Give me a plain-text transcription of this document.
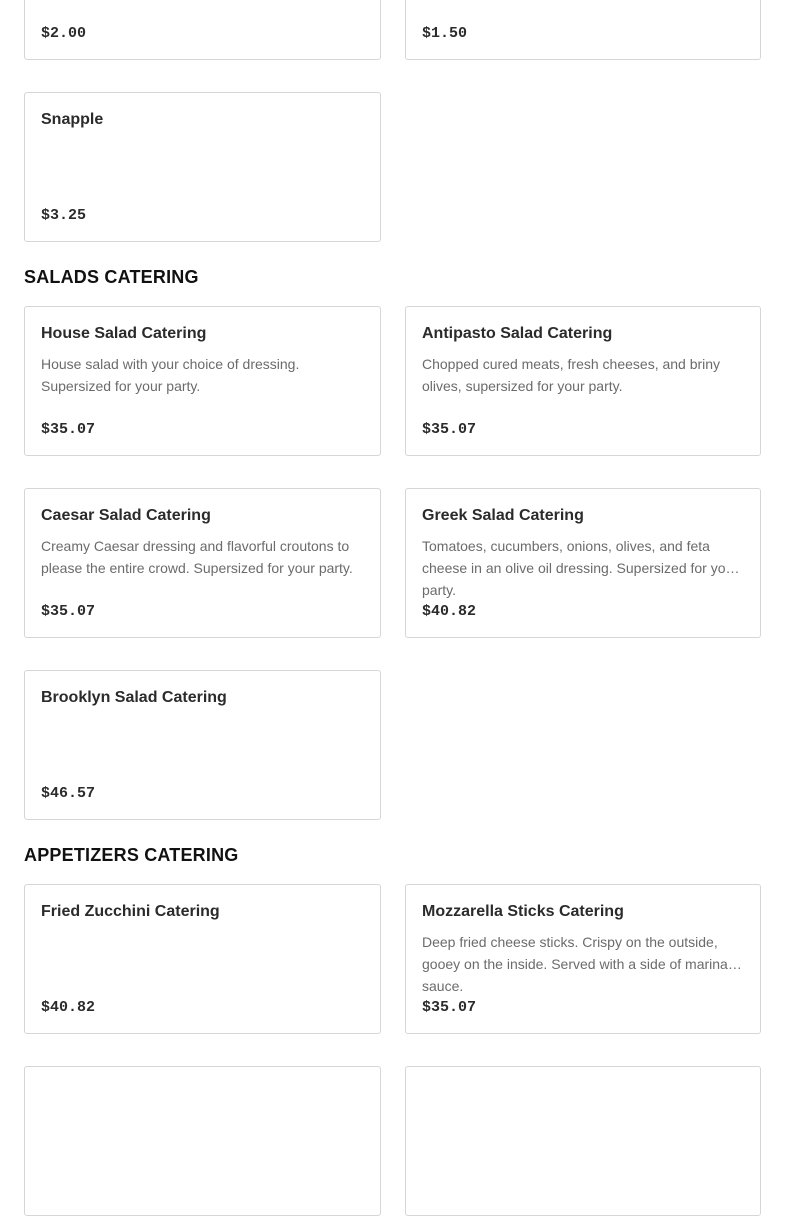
$2.00	$1.50
Snapple
$3.25
SALADS CATERING
House Salad Catering
House salad with your choice of dressing. Supersized for your party.
$35.07
Antipasto Salad Catering
Chopped cured meats, fresh cheeses, and briny olives, supersized for your party.
$35.07
Caesar Salad Catering
Creamy Caesar dressing and flavorful croutons to please the entire crowd. Supersized for your party.
$35.07
Greek Salad Catering
Tomatoes, cucumbers, onions, olives, and feta cheese in an olive oil dressing. Supersized for your party.
$40.82
Brooklyn Salad Catering
$46.57
APPETIZERS CATERING
Fried Zucchini Catering
$40.82
Mozzarella Sticks Catering
Deep fried cheese sticks. Crispy on the outside, gooey on the inside. Served with a side of marinara sauce.
$35.07
